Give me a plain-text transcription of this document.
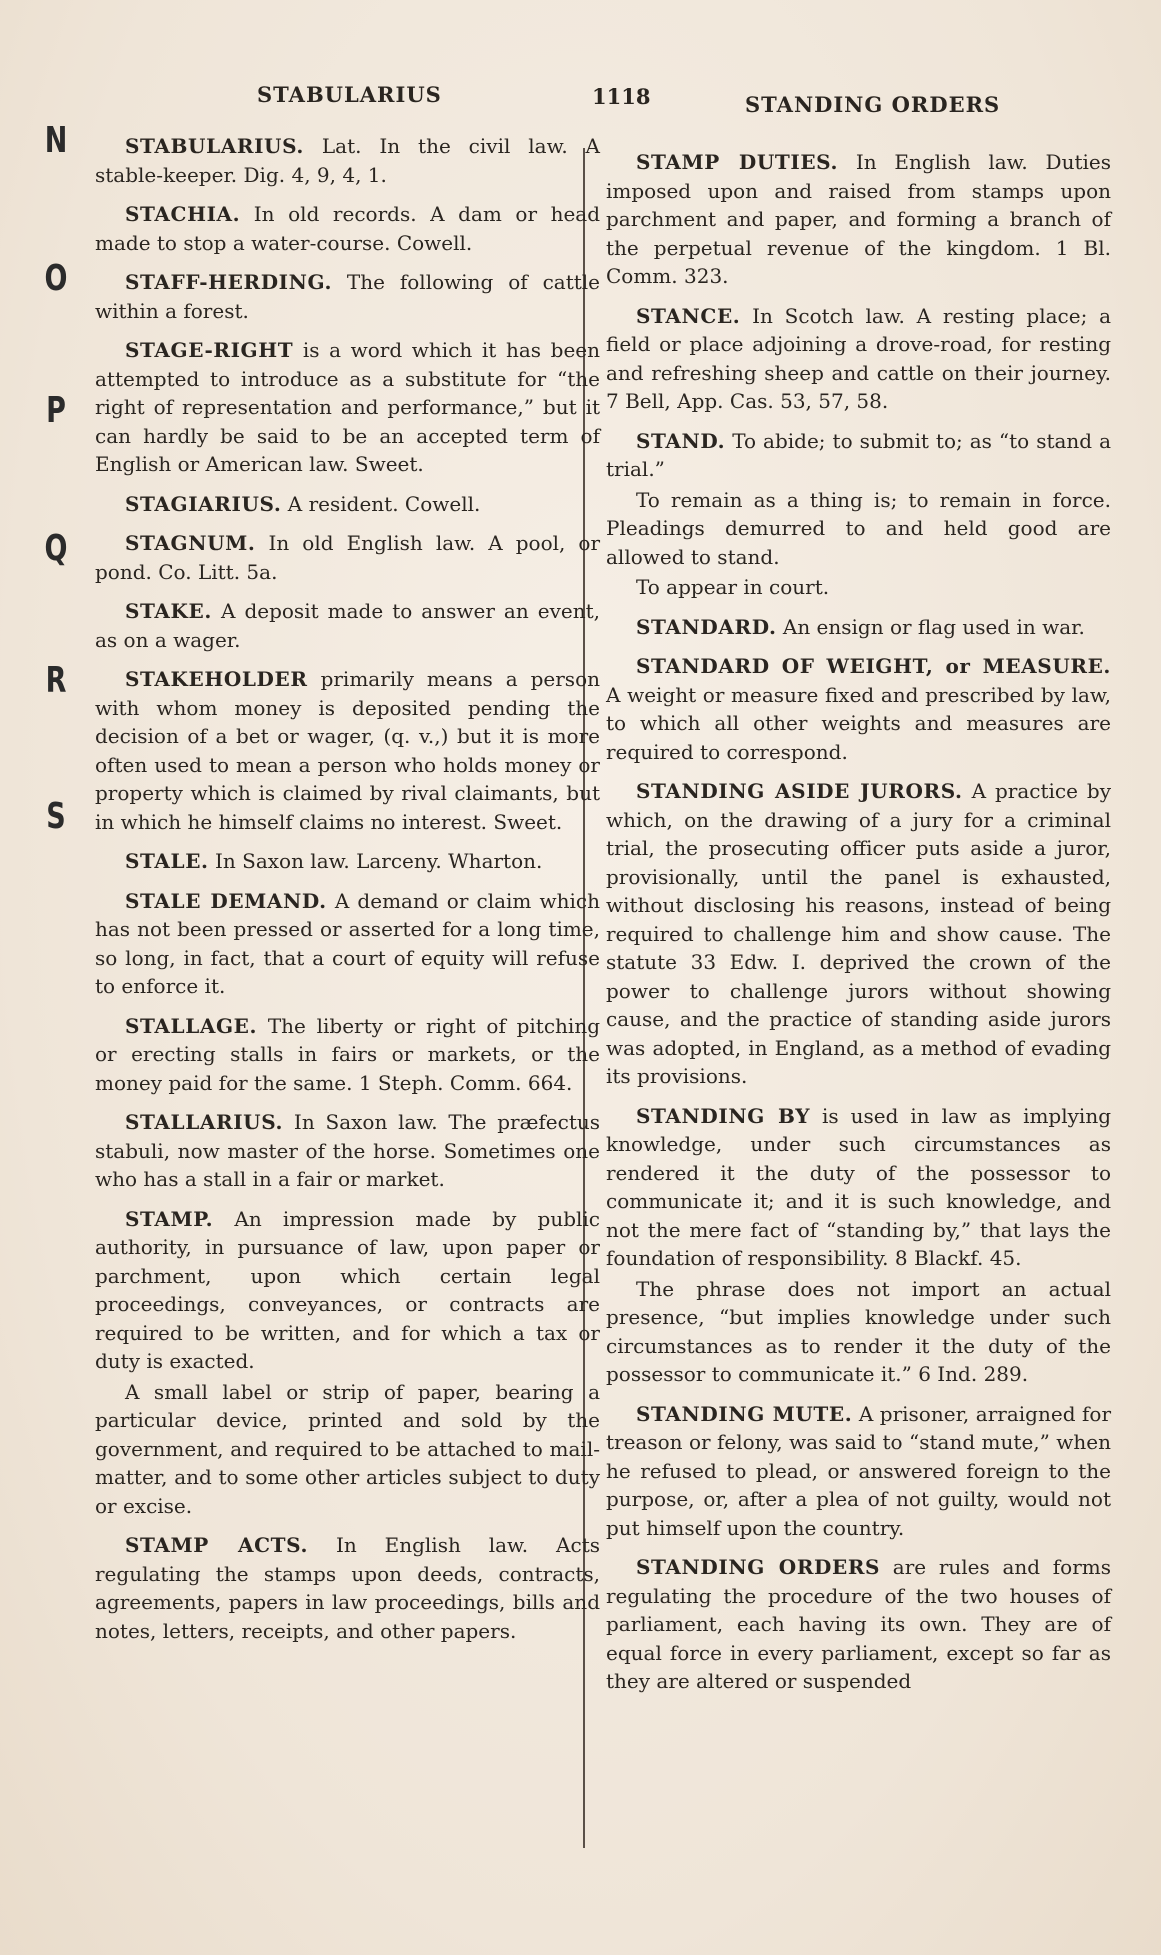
STABULARIUS	1118	STANDING ORDERS
N
O
P
Q
R
S

STABULARIUS. Lat. In the civil law. A stable-keeper. Dig. 4, 9, 4, 1.

STACHIA. In old records. A dam or head made to stop a water-course. Cowell.

STAFF-HERDING. The following of cattle within a forest.

STAGE-RIGHT is a word which it has been attempted to introduce as a substitute for “the right of representation and performance,” but it can hardly be said to be an accepted term of English or American law. Sweet.

STAGIARIUS. A resident. Cowell.

STAGNUM. In old English law. A pool, or pond. Co. Litt. 5a.

STAKE. A deposit made to answer an event, as on a wager.

STAKEHOLDER primarily means a person with whom money is deposited pending the decision of a bet or wager, (q. v.,) but it is more often used to mean a person who holds money or property which is claimed by rival claimants, but in which he himself claims no interest. Sweet.

STALE. In Saxon law. Larceny. Wharton.

STALE DEMAND. A demand or claim which has not been pressed or asserted for a long time, so long, in fact, that a court of equity will refuse to enforce it.

STALLAGE. The liberty or right of pitching or erecting stalls in fairs or markets, or the money paid for the same. 1 Steph. Comm. 664.

STALLARIUS. In Saxon law. The præfectus stabuli, now master of the horse. Sometimes one who has a stall in a fair or market.

STAMP. An impression made by public authority, in pursuance of law, upon paper or parchment, upon which certain legal proceedings, conveyances, or contracts are required to be written, and for which a tax or duty is exacted.

A small label or strip of paper, bearing a particular device, printed and sold by the government, and required to be attached to mail-matter, and to some other articles subject to duty or excise.

STAMP ACTS. In English law. Acts regulating the stamps upon deeds, contracts, agreements, papers in law proceedings, bills and notes, letters, receipts, and other papers.

STAMP DUTIES. In English law. Duties imposed upon and raised from stamps upon parchment and paper, and forming a branch of the perpetual revenue of the kingdom. 1 Bl. Comm. 323.

STANCE. In Scotch law. A resting place; a field or place adjoining a drove-road, for resting and refreshing sheep and cattle on their journey. 7 Bell, App. Cas. 53, 57, 58.

STAND. To abide; to submit to; as “to stand a trial.”

To remain as a thing is; to remain in force. Pleadings demurred to and held good are allowed to stand.

To appear in court.

STANDARD. An ensign or flag used in war.

STANDARD OF WEIGHT, or MEASURE. A weight or measure fixed and prescribed by law, to which all other weights and measures are required to correspond.

STANDING ASIDE JURORS. A practice by which, on the drawing of a jury for a criminal trial, the prosecuting officer puts aside a juror, provisionally, until the panel is exhausted, without disclosing his reasons, instead of being required to challenge him and show cause. The statute 33 Edw. I. deprived the crown of the power to challenge jurors without showing cause, and the practice of standing aside jurors was adopted, in England, as a method of evading its provisions.

STANDING BY is used in law as implying knowledge, under such circumstances as rendered it the duty of the possessor to communicate it; and it is such knowledge, and not the mere fact of “standing by,” that lays the foundation of responsibility. 8 Blackf. 45.

The phrase does not import an actual presence, “but implies knowledge under such circumstances as to render it the duty of the possessor to communicate it.” 6 Ind. 289.

STANDING MUTE. A prisoner, arraigned for treason or felony, was said to “stand mute,” when he refused to plead, or answered foreign to the purpose, or, after a plea of not guilty, would not put himself upon the country.

STANDING ORDERS are rules and forms regulating the procedure of the two houses of parliament, each having its own. They are of equal force in every parliament, except so far as they are altered or suspended
